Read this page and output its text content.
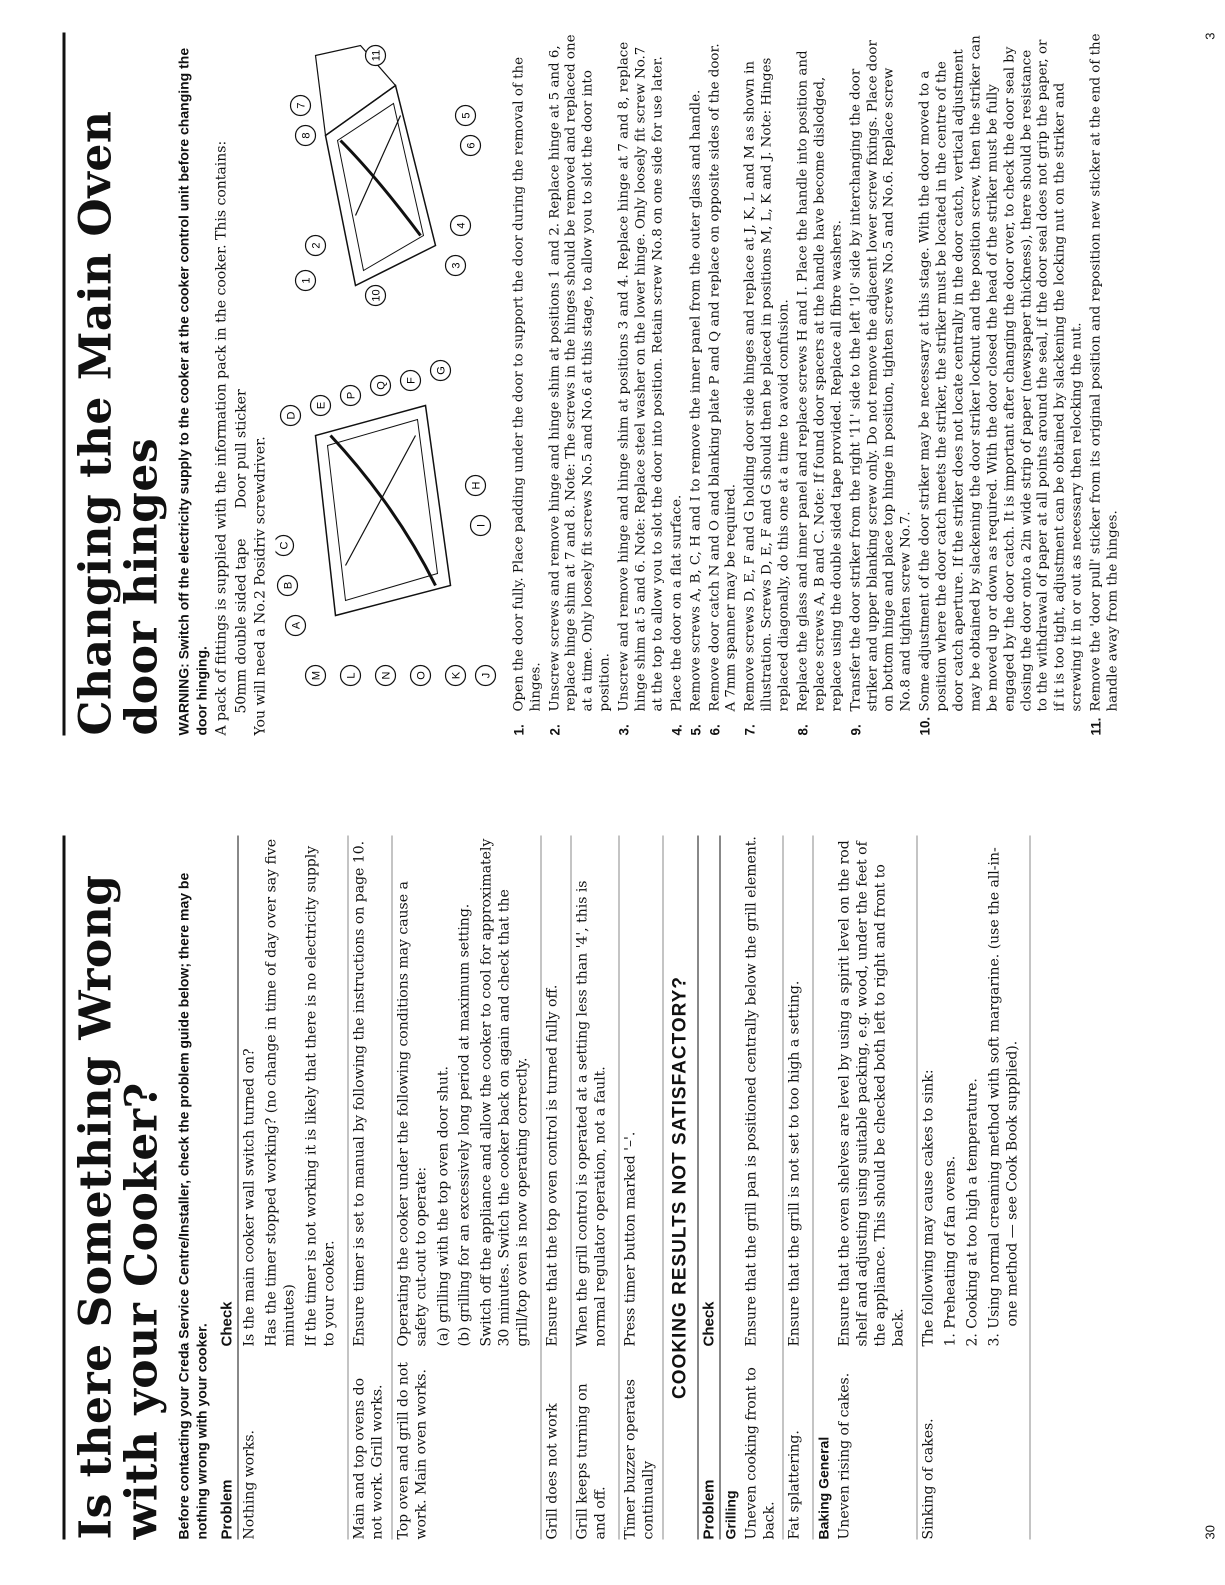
Is there Something Wrong with your Cooker? Before contacting your Creda Service Centre/Installer, check the problem guide below; there may be nothing wrong with your cooker. Problem
Check
Nothing works.

Is the main cooker wall switch turned on? Has the timer stopped working? (no change in time of day over say five minutes) If the timer is not working it is likely that there is no electricity supply to your cooker.

Main and top ovens do not work. Grill works.

Ensure timer is set to manual by following the instructions on page 10.

Top oven and grill do not work. Main oven works.

Operating the cooker under the following conditions may cause a safety cut-out to operate: (a) grilling with the top oven door shut. (b) grilling for an excessively long period at maximum setting. Switch off the appliance and allow the cooker to cool for approximately 30 minutes. Switch the cooker back on again and check that the grill/top oven is now operating correctly.

Grill does not work

Ensure that the top oven control is turned fully off.

Grill keeps turning on and off.

When the grill control is operated at a setting less than '4', this is normal regulator operation, not a fault.

Timer buzzer operates continually

Press timer button marked '–'.	COOKING RESULTS NOT SATISFACTORY?
Problem
Check
Grilling Uneven cooking front to back.

Ensure that the grill pan is positioned centrally below the grill element.

Fat splattering.

Ensure that the grill is not set to too high a setting.

Baking General Uneven rising of cakes.

Ensure that the oven shelves are level by using a spirit level on the rod shelf and adjusting using suitable packing, e.g. wood, under the feet of the appliance. This should be checked both left to right and front to back.

Sinking of cakes.

The following may cause cakes to sink: 1. Preheating of fan ovens. 2. Cooking at too high a temperature. 3. Using normal creaming method with soft margarine. (use the all-in-one method — see Cook Book supplied).

30
Changing the Main Oven door hinges WARNING: Switch off the electricity supply to the cooker at the cooker control unit before changing the door hinging. A pack of fittings is supplied with the information pack in the cooker. This contains: 50mm double sided tape
Door pull sticker You will need a No.2 Posidriv screwdriver.	M L N O K J
A
B
C
D
E
P
Q
F
G
H
I
1
2
10
3
4
6
5
8
7
11
1.
Open the door fully. Place padding under the door to support the door during the removal of the hinges.
2.
Unscrew screws and remove hinge and hinge shim at positions 1 and 2. Replace hinge at 5 and 6, replace hinge shim at 7 and 8. Note: The screws in the hinges should be removed and replaced one at a time. Only loosely fit screws No.5 and No.6 at this stage, to allow you to slot the door into position.
3.
Unscrew and remove hinge and hinge shim at positions 3 and 4. Replace hinge at 7 and 8, replace hinge shim at 5 and 6. Note: Replace steel washer on the lower hinge. Only loosely fit screw No.7 at the top to allow you to slot the door into position. Retain screw No.8 on one side for use later.
4.
Place the door on a flat surface.
5.
Remove screws A, B, C, H and I to remove the inner panel from the outer glass and handle.
6.
Remove door catch N and O and blanking plate P and Q and replace on opposite sides of the door. A 7mm spanner may be required.
7.
Remove screws D, E, F and G holding door side hinges and replace at J, K, L and M as shown in illustration. Screws D, E, F and G should then be placed in positions M, L, K and J. Note: Hinges replaced diagonally, do this one at a time to avoid confusion.
8.
Replace the glass and inner panel and replace screws H and I. Place the handle into position and replace screws A, B and C. Note: If found door spacers at the handle have become dislodged, replace using the double sided tape provided. Replace all fibre washers.
9.
Transfer the door striker from the right '11' side to the left '10' side by interchanging the door striker and upper blanking screw only. Do not remove the adjacent lower screw fixings. Place door on bottom hinge and place top hinge in position, tighten screws No.5 and No.6. Replace screw No.8 and tighten screw No.7.
10.
Some adjustment of the door striker may be necessary at this stage. With the door moved to a position where the door catch meets the striker, the striker must be located in the centre of the door catch aperture. If the striker does not locate centrally in the door catch, vertical adjustment may be obtained by slackening the door striker locknut and the position screw, then the striker can be moved up or down as required. With the door closed the head of the striker must be fully engaged by the door catch. It is important after changing the door over, to check the door seal by closing the door onto a 2in wide strip of paper (newspaper thickness), there should be resistance to the withdrawal of paper at all points around the seal, if the door seal does not grip the paper, or if it is too tight, adjustment can be obtained by slackening the locking nut on the striker and screwing it in or out as necessary then relocking the nut.
11.
Remove the 'door pull' sticker from its original position and reposition new sticker at the end of the handle away from the hinges.
3
